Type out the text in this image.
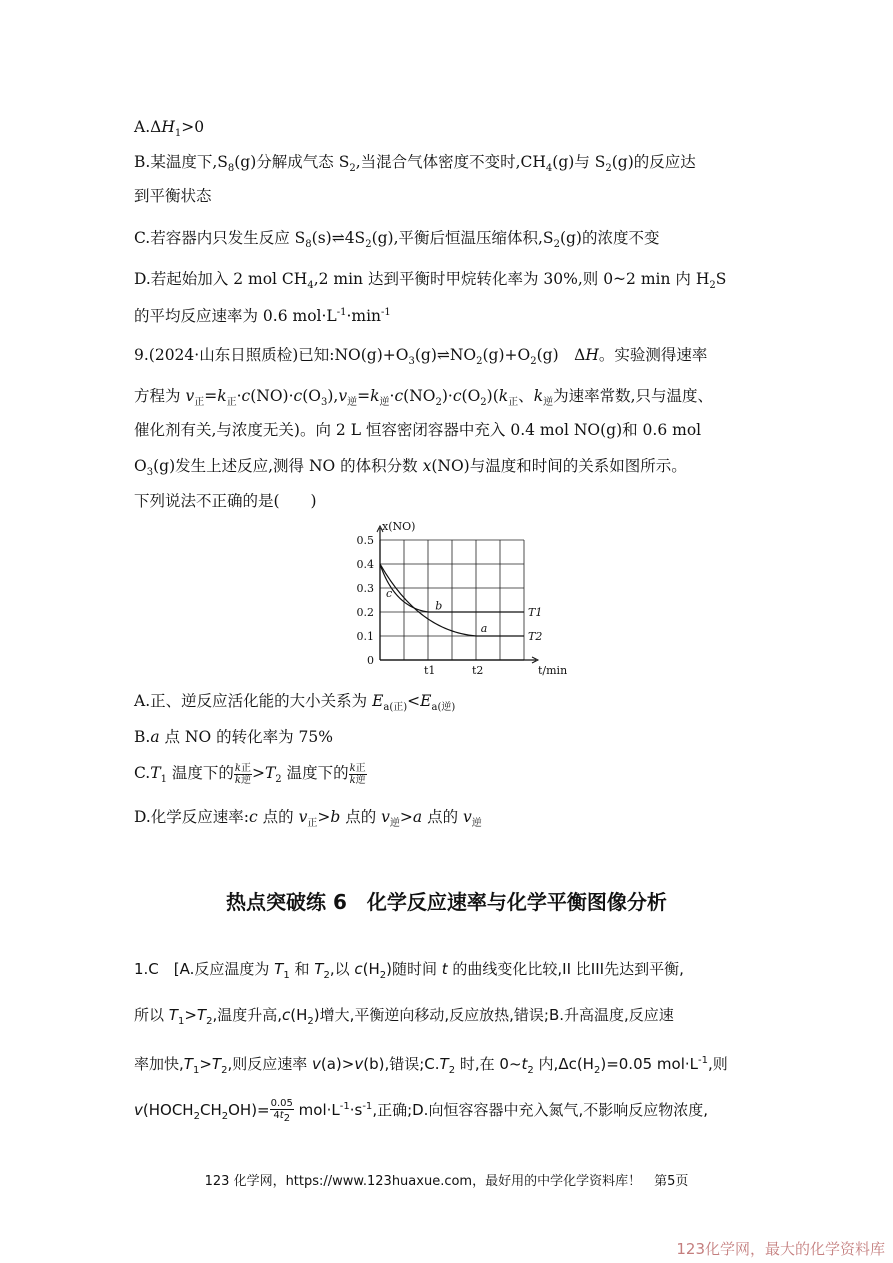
$A.\Delta H_1>0$
B.某温度下$,S_8(g)$分解成气态 $S_2$,当混合气体密度不变时$,CH_4(g)$与 $S_2(g)$的反应达
到平衡状态
C.若容器内只发生反应 $S_8(s)\rightleftharpoons 4S_2(g)$,平衡后恒温压缩体积$,S_2(g)$的浓度不变
D.若起始加入 2 mol $CH_4,2$ min 达到平衡时甲烷转化率为 30%,则 0~2 min 内 $H_2S$
的平均反应速率为 0.6 $mol\cdot L^{-1}\cdot\min^{-1}$
9.(2024·山东日照质检)已知$:NO(g)+O_3(g)\rightleftharpoons NO_2(g)+O_2(g)$　ΔH。实验测得速率
方程为 $v_正=k_正\cdot c(NO)\cdot c(O_3),v_逆=k_逆\cdot c(NO_2)\cdot c(O_2)(k_正$、$k_逆$为速率常数,只与温度、
催化剂有关,与浓度无关)。向 2 L 恒容密闭容器中充入 0.4 mol NO(g)和 0.6 mol
$O_3(g)$发生上述反应,测得 NO 的体积分数 x(NO)与温度和时间的关系如图所示。
下列说法不正确的是(　　)
0
0.1
0.2
0.3
0.4
0.5
x(NO)
t1	t2	t/min
T1
T2
c
b
a
A.正、逆反应活化能的大小关系为 $E_{a(正)}<E_{a(逆)}$
B.a 点 NO 的转化率为 75%
$C.T_1$ 温度下的 $\frac{\text{k正}}{\text{k逆}} >T_2$ 温度下的 $\frac{\text{k正}}{\text{k逆}}$
D.化学反应速率:c 点的 $v_正>b$ 点的 $v_逆>a$ 点的 $v_逆$
热点突破练 6　化学反应速率与化学平衡图像分析
1.C　[A.反应温度为 $T_1$ 和 $T_2$,以 $c(H_2)$随时间 t 的曲线变化比较,II 比III先达到平衡,
所以 $T_1>T_2$,温度升高$,c(H_2)$增大,平衡逆向移动,反应放热,错误;B.升高温度,反应速
率加快$,T_1>T_2$,则反应速率 v(a)>v(b),错误$;C.T_2$ 时,在 $0\sim t_2$ 内$,\Delta c(H_2)=0.05$ $mol\cdot L^{-1}$,则
$v(HOCH_2CH_2OH)= \frac{0.05}{4t_2} mol\cdot L^{-1}\cdot s^{-1}$,正确;D.向恒容容器中充入氮气,不影响反应物浓度,
123 化学网，https://www.123huaxue.com，最好用的中学化学资料库！　第5页
123化学网，最大的化学资料库
